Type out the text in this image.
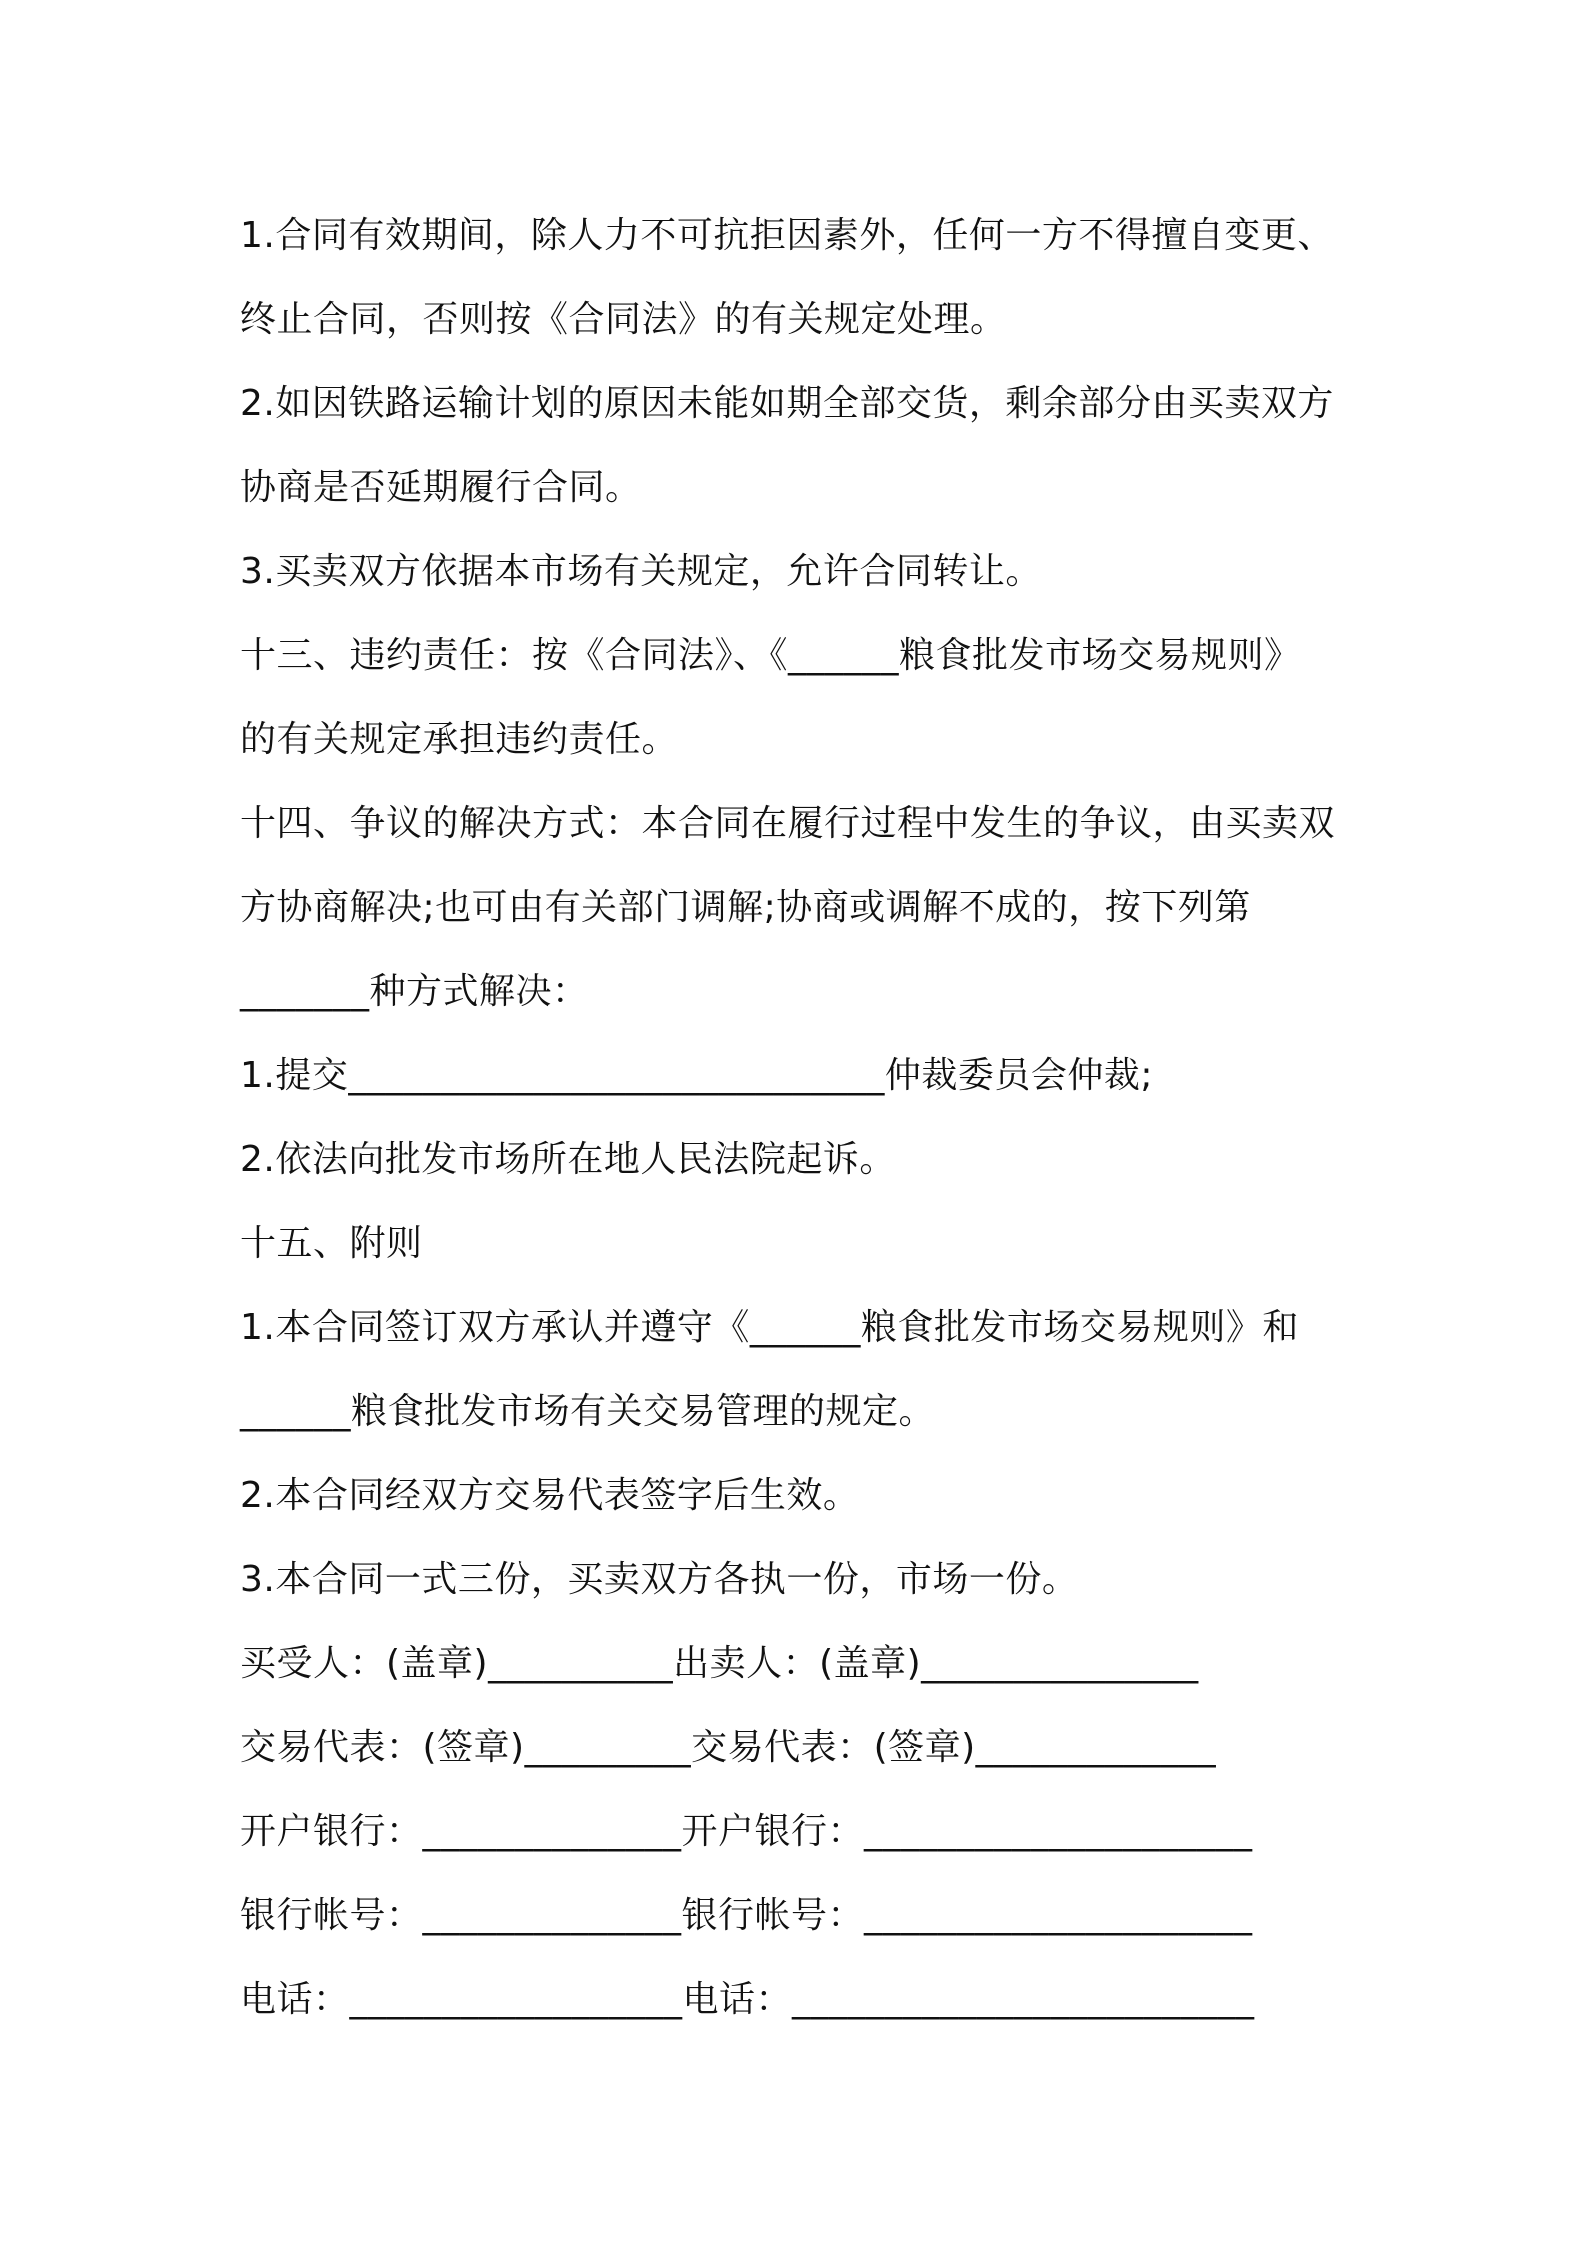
1.合同有效期间，除人力不可抗拒因素外，任何一方不得擅自变更、
终止合同，否则按《合同法》的有关规定处理。
2.如因铁路运输计划的原因未能如期全部交货，剩余部分由买卖双方
协商是否延期履行合同。
3.买卖双方依据本市场有关规定，允许合同转让。
十三、违约责任：按《合同法》、《______粮食批发市场交易规则》
的有关规定承担违约责任。
十四、争议的解决方式：本合同在履行过程中发生的争议，由买卖双
方协商解决;也可由有关部门调解;协商或调解不成的，按下列第
_______种方式解决：
1.提交_____________________________仲裁委员会仲裁;
2.依法向批发市场所在地人民法院起诉。
十五、附则
1.本合同签订双方承认并遵守《______粮食批发市场交易规则》和
______粮食批发市场有关交易管理的规定。
2.本合同经双方交易代表签字后生效。
3.本合同一式三份，买卖双方各执一份，市场一份。
买受人：(盖章)__________出卖人：(盖章)_______________
交易代表：(签章)_________交易代表：(签章)_____________
开户银行：______________开户银行：_____________________
银行帐号：______________银行帐号：_____________________
电话：__________________电话：_________________________
